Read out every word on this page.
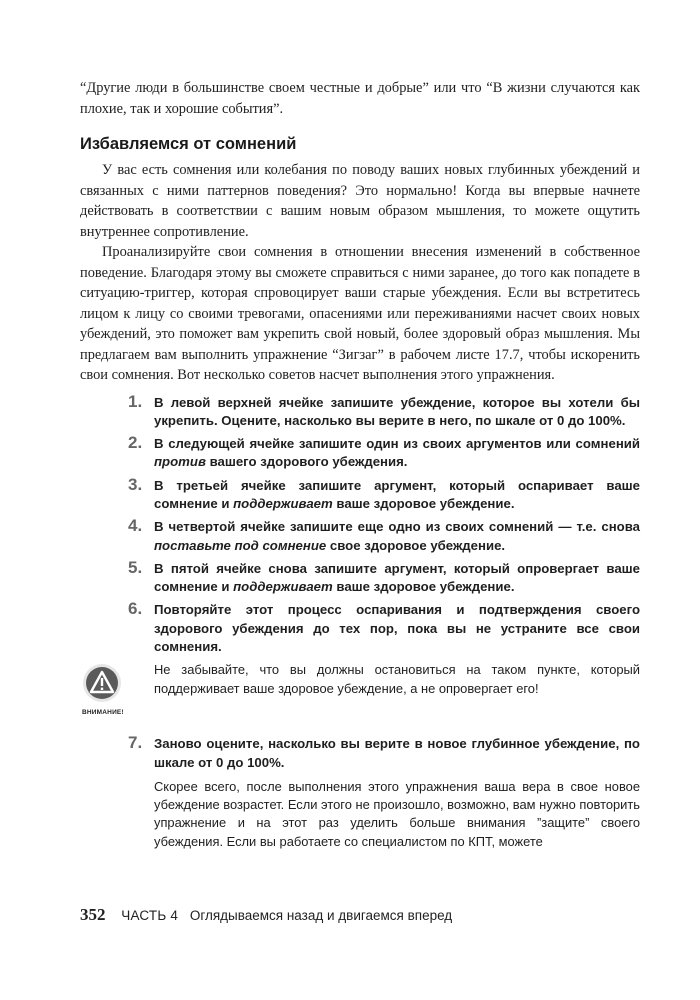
“Другие люди в большинстве своем честные и добрые” или что “В жизни случаются как плохие, так и хорошие события”.

Избавляемся от сомнений

У вас есть сомнения или колебания по поводу ваших новых глубинных убеждений и связанных с ними паттернов поведения? Это нормально! Когда вы впервые начнете действовать в соответствии с вашим новым образом мышления, то можете ощутить внутреннее сопротивление.

Проанализируйте свои сомнения в отношении внесения изменений в собственное поведение. Благодаря этому вы сможете справиться с ними заранее, до того как попадете в ситуацию-триггер, которая спровоцирует ваши старые убеждения. Если вы встретитесь лицом к лицу со своими тревогами, опасениями или переживаниями насчет своих новых убеждений, это поможет вам укрепить свой новый, более здоровый образ мышления. Мы предлагаем вам выполнить упражнение “Зигзаг” в рабочем листе 17.7, чтобы искоренить свои сомнения. Вот несколько советов насчет выполнения этого упражнения.

1. В левой верхней ячейке запишите убеждение, которое вы хотели бы укрепить. Оцените, насколько вы верите в него, по шкале от 0 до 100%.
2. В следующей ячейке запишите один из своих аргументов или сомнений против вашего здорового убеждения.
3. В третьей ячейке запишите аргумент, который оспаривает ваше сомнение и поддерживает ваше здоровое убеждение.
4. В четвертой ячейке запишите еще одно из своих сомнений — т.е. снова поставьте под сомнение свое здоровое убеждение.
5. В пятой ячейке снова запишите аргумент, который опровергает ваше сомнение и поддерживает ваше здоровое убеждение.
6. Повторяйте этот процесс оспаривания и подтверждения своего здорового убеждения до тех пор, пока вы не устраните все свои сомнения.
ВНИМАНИЕ!

Не забывайте, что вы должны остановиться на таком пункте, который поддерживает ваше здоровое убеждение, а не опровергает его!

7. Заново оцените, насколько вы верите в новое глубинное убеждение, по шкале от 0 до 100%.

Скорее всего, после выполнения этого упражнения ваша вера в свое новое убеждение возрастет. Если этого не произошло, возможно, вам нужно повторить упражнение и на этот раз уделить больше внимания ”защите” своего убеждения. Если вы работаете со специалистом по КПТ, можете

352 ЧАСТЬ 4 Оглядываемся назад и двигаемся вперед
